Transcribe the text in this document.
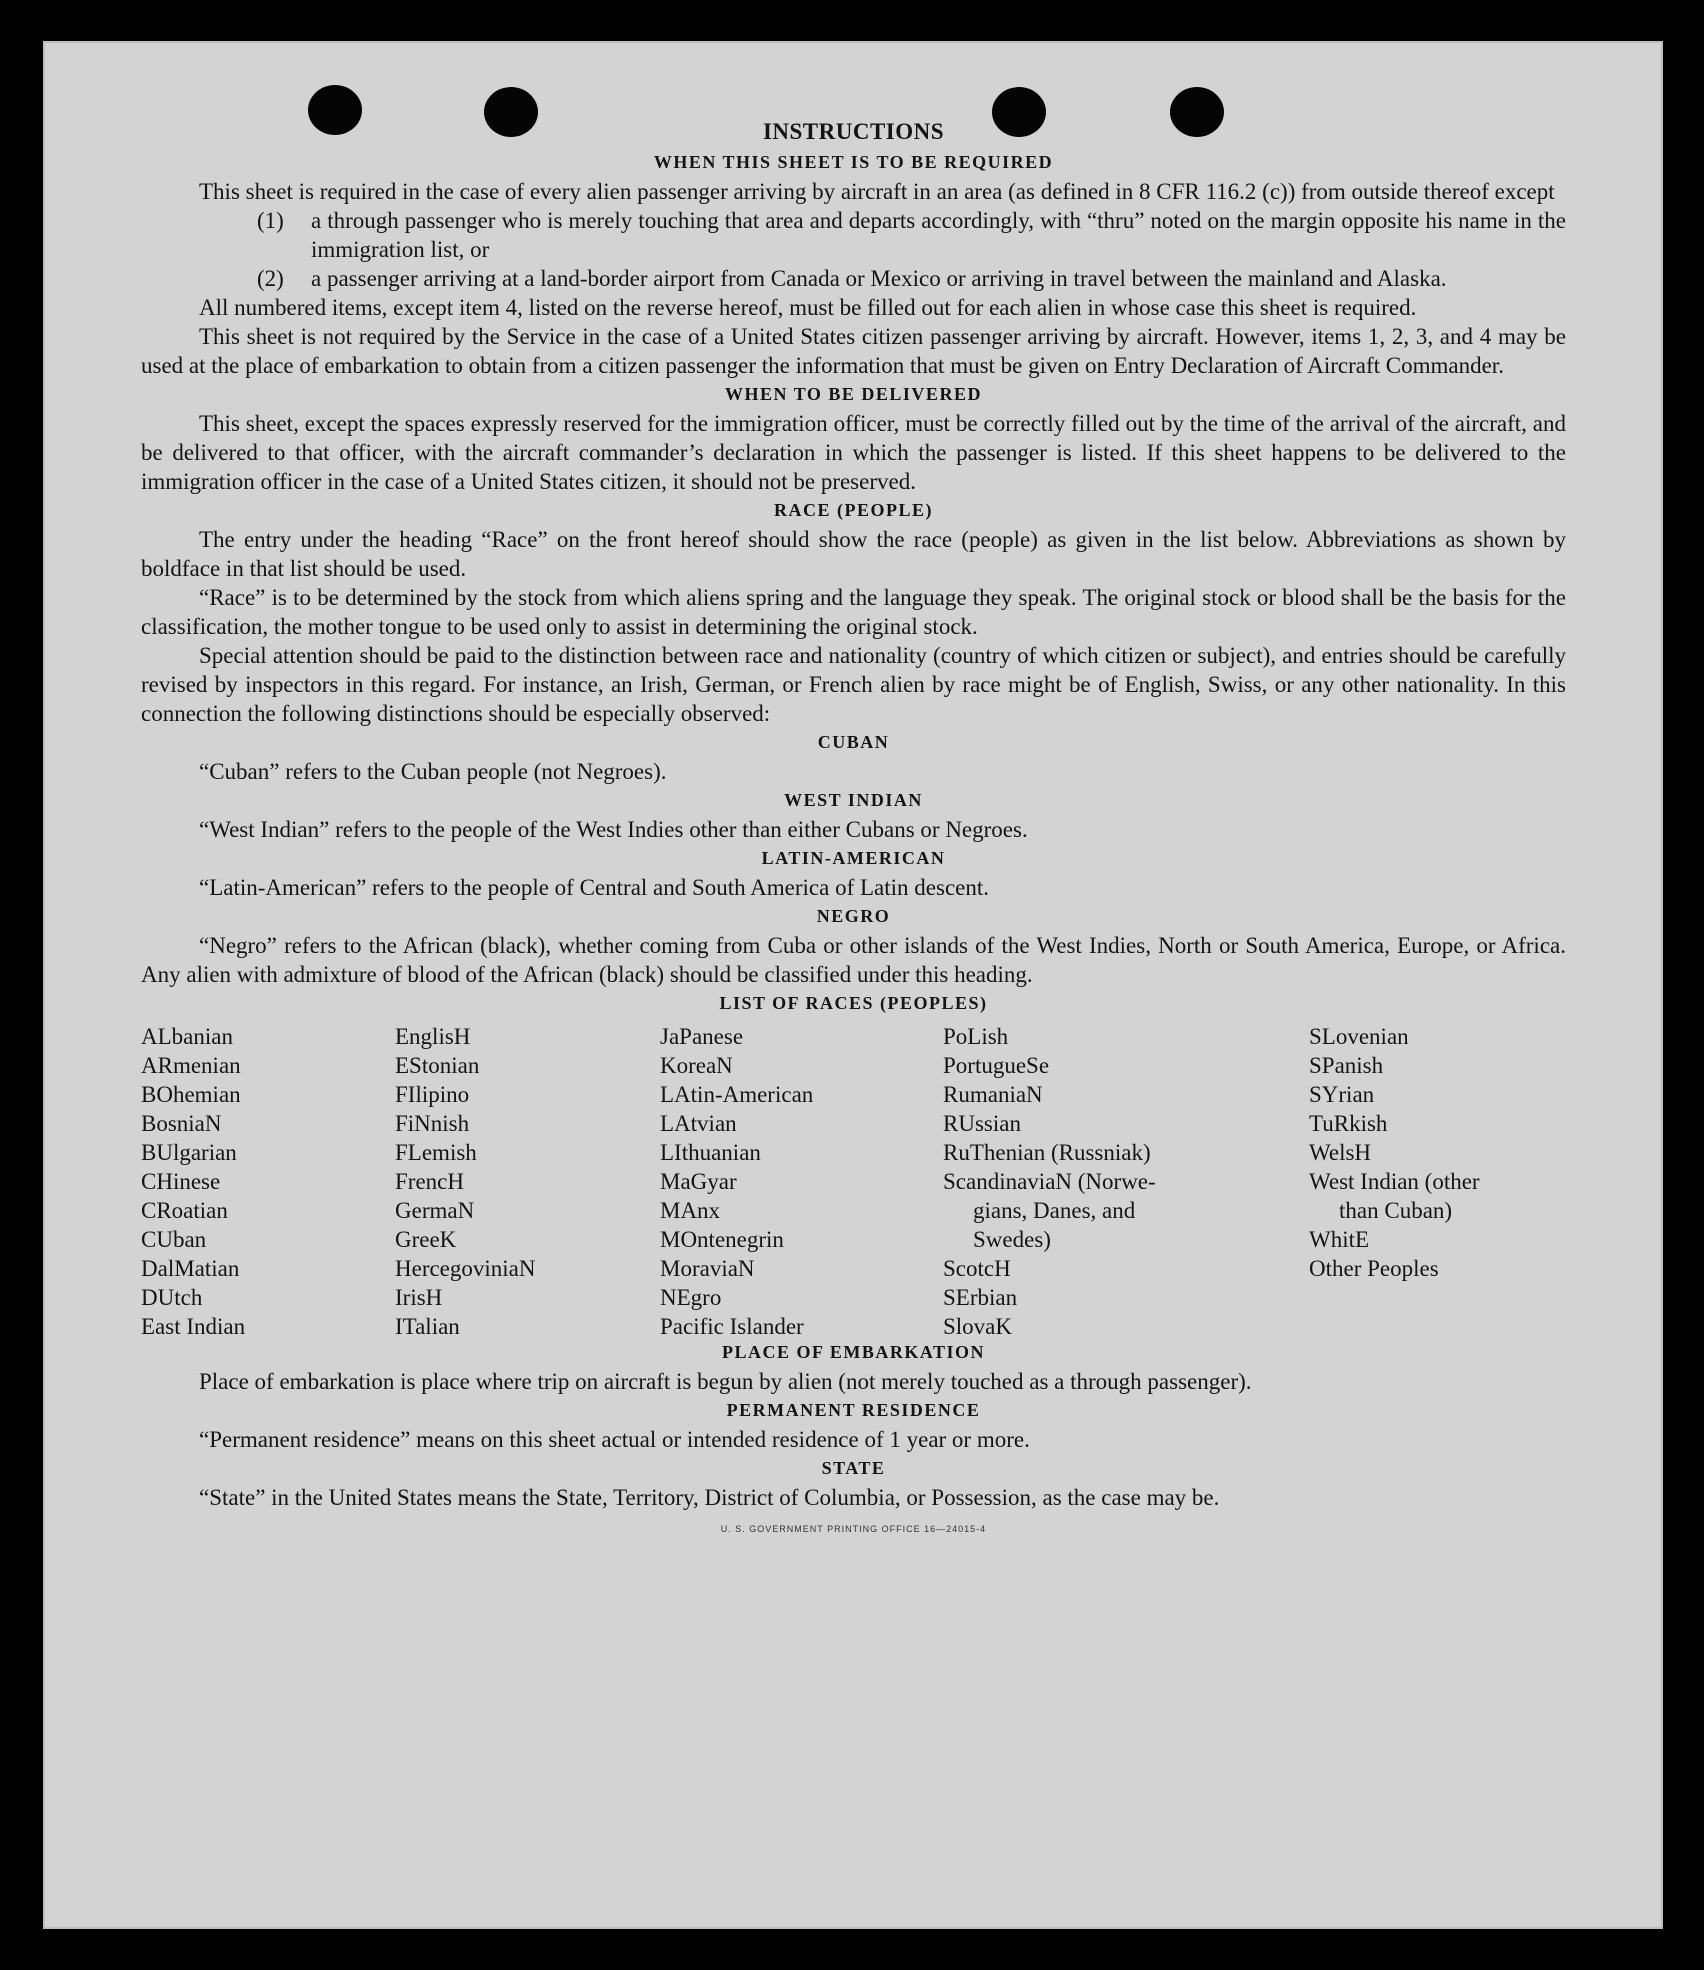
INSTRUCTIONS
WHEN THIS SHEET IS TO BE REQUIRED

This sheet is required in the case of every alien passenger arriving by aircraft in an area (as defined in 8 CFR 116.2 (c)) from outside thereof except

(1)	a through passenger who is merely touching that area and departs accordingly, with “thru” noted on the margin opposite his name in the immigration list, or
(2)	a passenger arriving at a land-border airport from Canada or Mexico or arriving in travel between the mainland and Alaska.

All numbered items, except item 4, listed on the reverse hereof, must be filled out for each alien in whose case this sheet is required.

This sheet is not required by the Service in the case of a United States citizen passenger arriving by aircraft. However, items 1, 2, 3, and 4 may be used at the place of embarkation to obtain from a citizen passenger the information that must be given on Entry Declaration of Aircraft Commander.

WHEN TO BE DELIVERED

This sheet, except the spaces expressly reserved for the immigration officer, must be correctly filled out by the time of the arrival of the aircraft, and be delivered to that officer, with the aircraft commander’s declaration in which the passenger is listed. If this sheet happens to be delivered to the immigration officer in the case of a United States citizen, it should not be preserved.

RACE (PEOPLE)

The entry under the heading “Race” on the front hereof should show the race (people) as given in the list below. Abbreviations as shown by boldface in that list should be used.

“Race” is to be determined by the stock from which aliens spring and the language they speak. The original stock or blood shall be the basis for the classification, the mother tongue to be used only to assist in determining the original stock.

Special attention should be paid to the distinction between race and nationality (country of which citizen or subject), and entries should be carefully revised by inspectors in this regard. For instance, an Irish, German, or French alien by race might be of English, Swiss, or any other nationality. In this connection the following distinctions should be especially observed:

CUBAN

“Cuban” refers to the Cuban people (not Negroes).

WEST INDIAN

“West Indian” refers to the people of the West Indies other than either Cubans or Negroes.

LATIN-AMERICAN

“Latin-American” refers to the people of Central and South America of Latin descent.

NEGRO

“Negro” refers to the African (black), whether coming from Cuba or other islands of the West Indies, North or South America, Europe, or Africa. Any alien with admixture of blood of the African (black) should be classified under this heading.

LIST OF RACES (PEOPLES)
ALbanian
ARmenian
BOhemian
BosniaN
BUlgarian
CHinese
CRoatian
CUban
DalMatian
DUtch
East Indian
EnglisH
EStonian
FIlipino
FiNnish
FLemish
FrencH
GermaN
GreeK
HercegoviniaN
IrisH
ITalian
JaPanese
KoreaN
LAtin-American
LAtvian
LIthuanian
MaGyar
MAnx
MOntenegrin
MoraviaN
NEgro
Pacific Islander
PoLish
PortugueSe
RumaniaN
RUssian
RuThenian (Russniak)
ScandinaviaN (Norwe-
gians, Danes, and
Swedes)
ScotcH
SErbian
SlovaK
SLovenian
SPanish
SYrian
TuRkish
WelsH
West Indian (other
than Cuban)
WhitE
Other Peoples
PLACE OF EMBARKATION

Place of embarkation is place where trip on aircraft is begun by alien (not merely touched as a through passenger).

PERMANENT RESIDENCE

“Permanent residence” means on this sheet actual or intended residence of 1 year or more.

STATE

“State” in the United States means the State, Territory, District of Columbia, or Possession, as the case may be.

U. S. GOVERNMENT PRINTING OFFICE 16—24015-4
